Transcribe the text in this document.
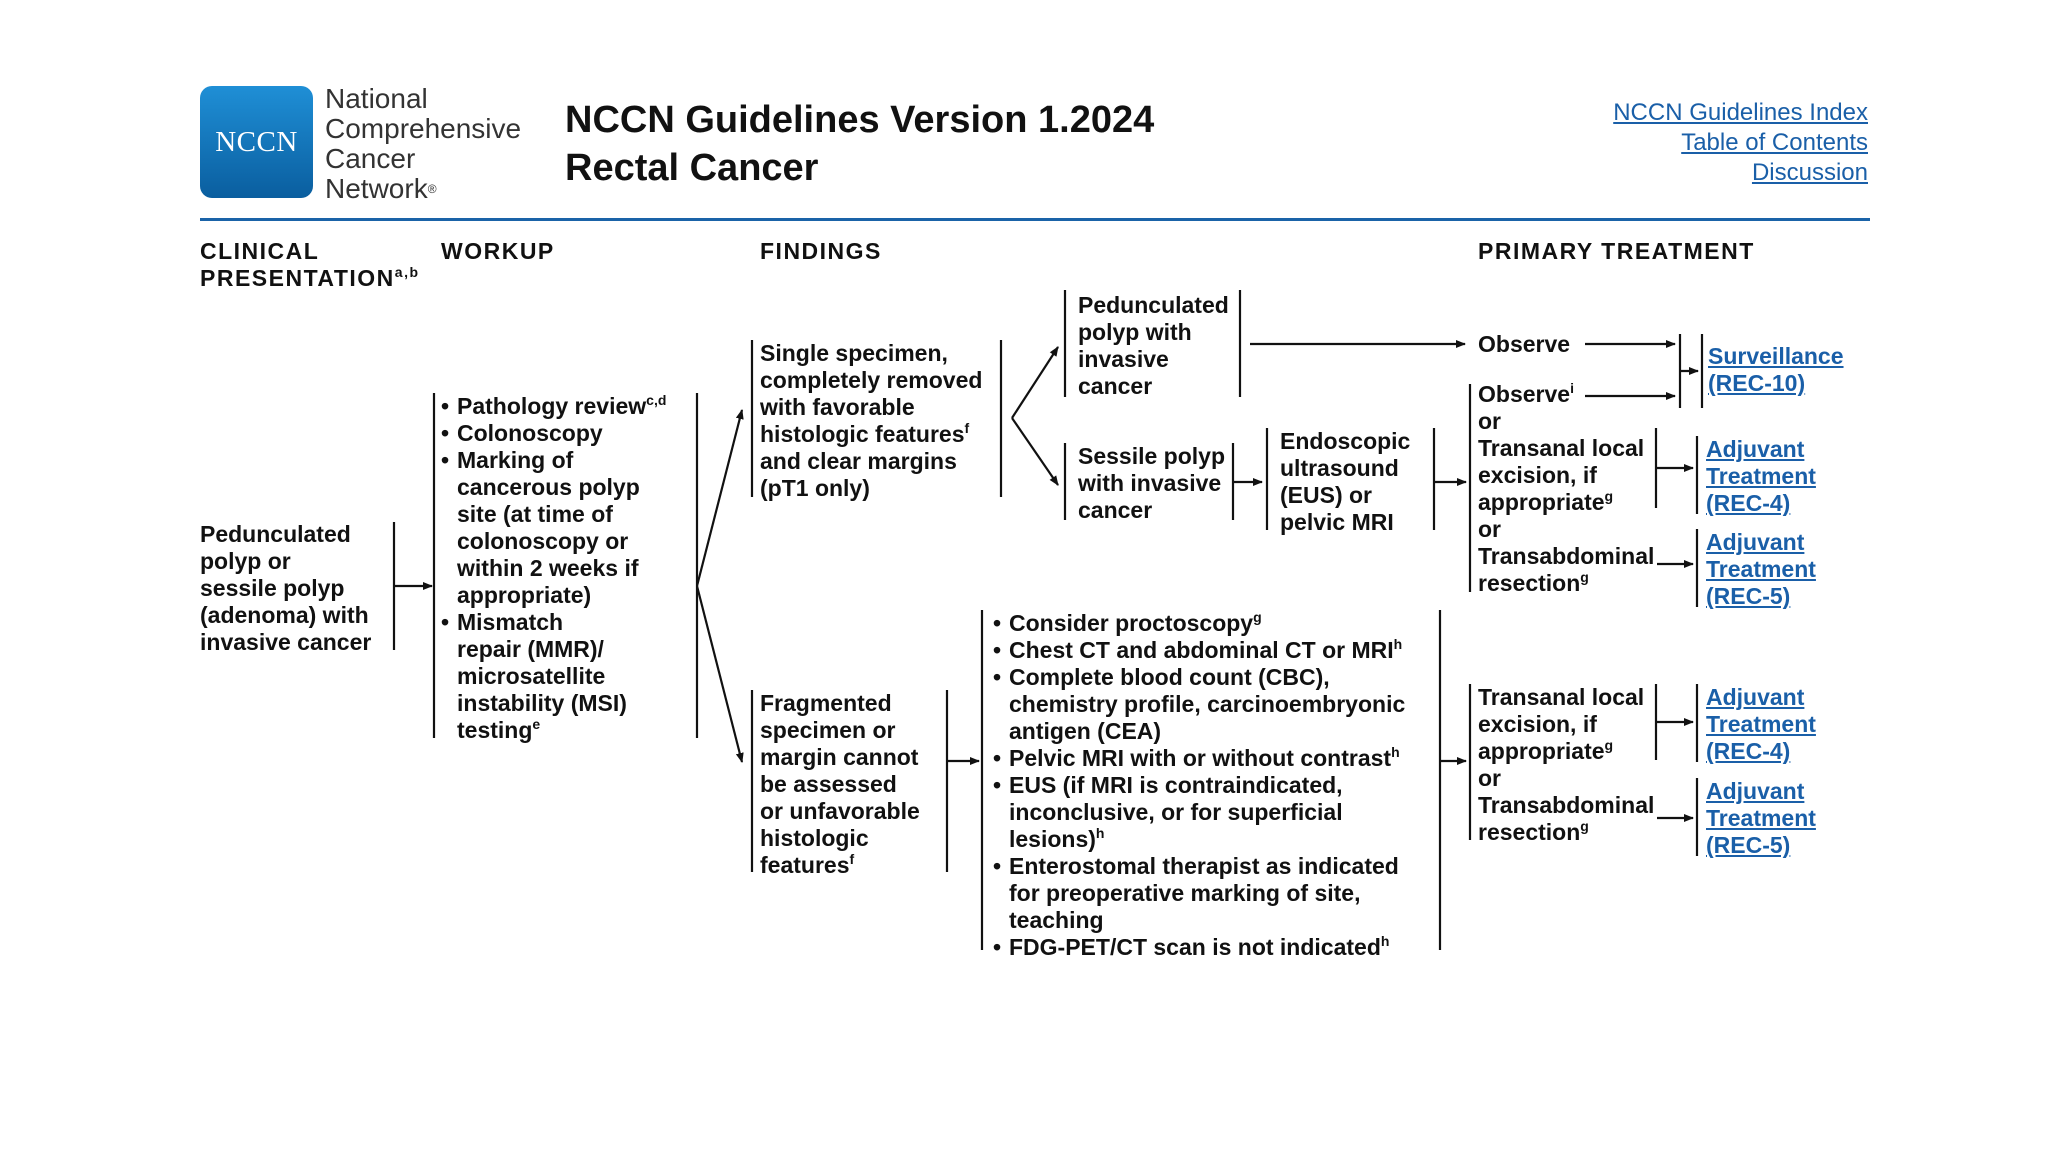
NCCN
National
Comprehensive
Cancer
Network®
NCCN Guidelines Version 1.2024
Rectal Cancer
NCCN Guidelines Index
Table of Contents
Discussion
CLINICAL
PRESENTATION$^{a,b}$
WORKUP	FINDINGS	PRIMARY TREATMENT
Pedunculated
polyp or
sessile polyp
(adenoma) with
invasive cancer
• Pathology review$^{c,d}$
• Colonoscopy
• Marking of
cancerous polyp
site (at time of
colonoscopy or
within 2 weeks if
appropriate)
• Mismatch
repair (MMR)/
microsatellite
instability (MSI)
testing$^e$
Single specimen,
completely removed
with favorable
histologic features$^f$
and clear margins
(pT1 only)
Fragmented
specimen or
margin cannot
be assessed
or unfavorable
histologic
features$^f$
Pedunculated
polyp with
invasive
cancer
Sessile polyp
with invasive
cancer
Endoscopic
ultrasound
(EUS) or
pelvic MRI
• Consider proctoscopy$^g$
• Chest CT and abdominal CT or MRI$^h$
• Complete blood count (CBC),
chemistry profile, carcinoembryonic
antigen (CEA)
• Pelvic MRI with or without contrast$^h$
• EUS (if MRI is contraindicated,
inconclusive, or for superficial
lesions)$^h$
• Enterostomal therapist as indicated
for preoperative marking of site,
teaching
• FDG-PET/CT scan is not indicated$^h$
Observe
Observe$^i$
or
Transanal local
excision, if
appropriate$^g$
or
Transabdominal
resection$^g$
Transanal local
excision, if
appropriate$^g$
or
Transabdominal
resection$^g$
Surveillance
(REC-10)
Adjuvant
Treatment
(REC-4)
Adjuvant
Treatment
(REC-5)
Adjuvant
Treatment
(REC-4)
Adjuvant
Treatment
(REC-5)
